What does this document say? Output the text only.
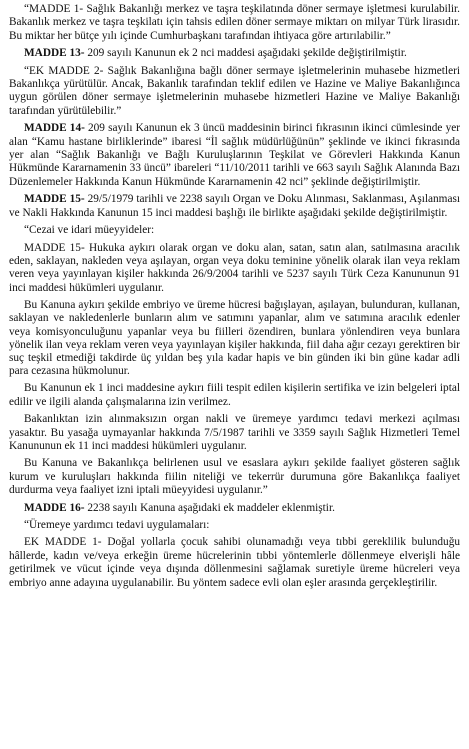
“MADDE 1- Sağlık Bakanlığı merkez ve taşra teşkilatında döner sermaye işletmesi kurulabilir. Bakanlık merkez ve taşra teşkilatı için tahsis edilen döner sermaye miktarı on milyar Türk lirasıdır. Bu miktar her bütçe yılı içinde Cumhurbaşkanı tarafından ihtiyaca göre artırılabilir.”

MADDE 13- 209 sayılı Kanunun ek 2 nci maddesi aşağıdaki şekilde değiştirilmiştir.

“EK MADDE 2- Sağlık Bakanlığına bağlı döner sermaye işletmelerinin muhasebe hizmetleri Bakanlıkça yürütülür. Ancak, Bakanlık tarafından teklif edilen ve Hazine ve Maliye Bakanlığınca uygun görülen döner sermaye işletmelerinin muhasebe hizmetleri Hazine ve Maliye Bakanlığı tarafından yürütülebilir.”

MADDE 14- 209 sayılı Kanunun ek 3 üncü maddesinin birinci fıkrasının ikinci cümlesinde yer alan “Kamu hastane birliklerinde” ibaresi “İl sağlık müdürlüğünün” şeklinde ve ikinci fıkrasında yer alan “Sağlık Bakanlığı ve Bağlı Kuruluşlarının Teşkilat ve Görevleri Hakkında Kanun Hükmünde Kararnamenin 33 üncü” ibareleri “11/10/2011 tarihli ve 663 sayılı Sağlık Alanında Bazı Düzenlemeler Hakkında Kanun Hükmünde Kararnamenin 42 nci” şeklinde değiştirilmiştir.

MADDE 15- 29/5/1979 tarihli ve 2238 sayılı Organ ve Doku Alınması, Saklanması, Aşılanması ve Nakli Hakkında Kanunun 15 inci maddesi başlığı ile birlikte aşağıdaki şekilde değiştirilmiştir.

“Cezai ve idari müeyyideler:

MADDE 15- Hukuka aykırı olarak organ ve doku alan, satan, satın alan, satılmasına aracılık eden, saklayan, nakleden veya aşılayan, organ veya doku teminine yönelik olarak ilan veya reklam veren veya yayınlayan kişiler hakkında 26/9/2004 tarihli ve 5237 sayılı Türk Ceza Kanununun 91 inci maddesi hükümleri uygulanır.

Bu Kanuna aykırı şekilde embriyo ve üreme hücresi bağışlayan, aşılayan, bulunduran, kullanan, saklayan ve nakledenlerle bunların alım ve satımını yapanlar, alım ve satımına aracılık edenler veya komisyonculuğunu yapanlar veya bu fiilleri özendiren, bunlara yönlendiren veya bunlara yönelik ilan veya reklam veren veya yayınlayan kişiler hakkında, fiil daha ağır cezayı gerektiren bir suç teşkil etmediği takdirde üç yıldan beş yıla kadar hapis ve bin günden iki bin güne kadar adli para cezasına hükmolunur.

Bu Kanunun ek 1 inci maddesine aykırı fiili tespit edilen kişilerin sertifika ve izin belgeleri iptal edilir ve ilgili alanda çalışmalarına izin verilmez.

Bakanlıktan izin alınmaksızın organ nakli ve üremeye yardımcı tedavi merkezi açılması yasaktır. Bu yasağa uymayanlar hakkında 7/5/1987 tarihli ve 3359 sayılı Sağlık Hizmetleri Temel Kanununun ek 11 inci maddesi hükümleri uygulanır.

Bu Kanuna ve Bakanlıkça belirlenen usul ve esaslara aykırı şekilde faaliyet gösteren sağlık kurum ve kuruluşları hakkında fiilin niteliği ve tekerrür durumuna göre Bakanlıkça faaliyet durdurma veya faaliyet izni iptali müeyyidesi uygulanır.”

MADDE 16- 2238 sayılı Kanuna aşağıdaki ek maddeler eklenmiştir.

“Üremeye yardımcı tedavi uygulamaları:

EK MADDE 1- Doğal yollarla çocuk sahibi olunamadığı veya tıbbi gereklilik bulunduğu hâllerde, kadın ve/veya erkeğin üreme hücrelerinin tıbbi yöntemlerle döllenmeye elverişli hâle getirilmek ve vücut içinde veya dışında döllenmesini sağlamak suretiyle üreme hücreleri veya embriyo anne adayına uygulanabilir. Bu yöntem sadece evli olan eşler arasında gerçekleştirilir.
